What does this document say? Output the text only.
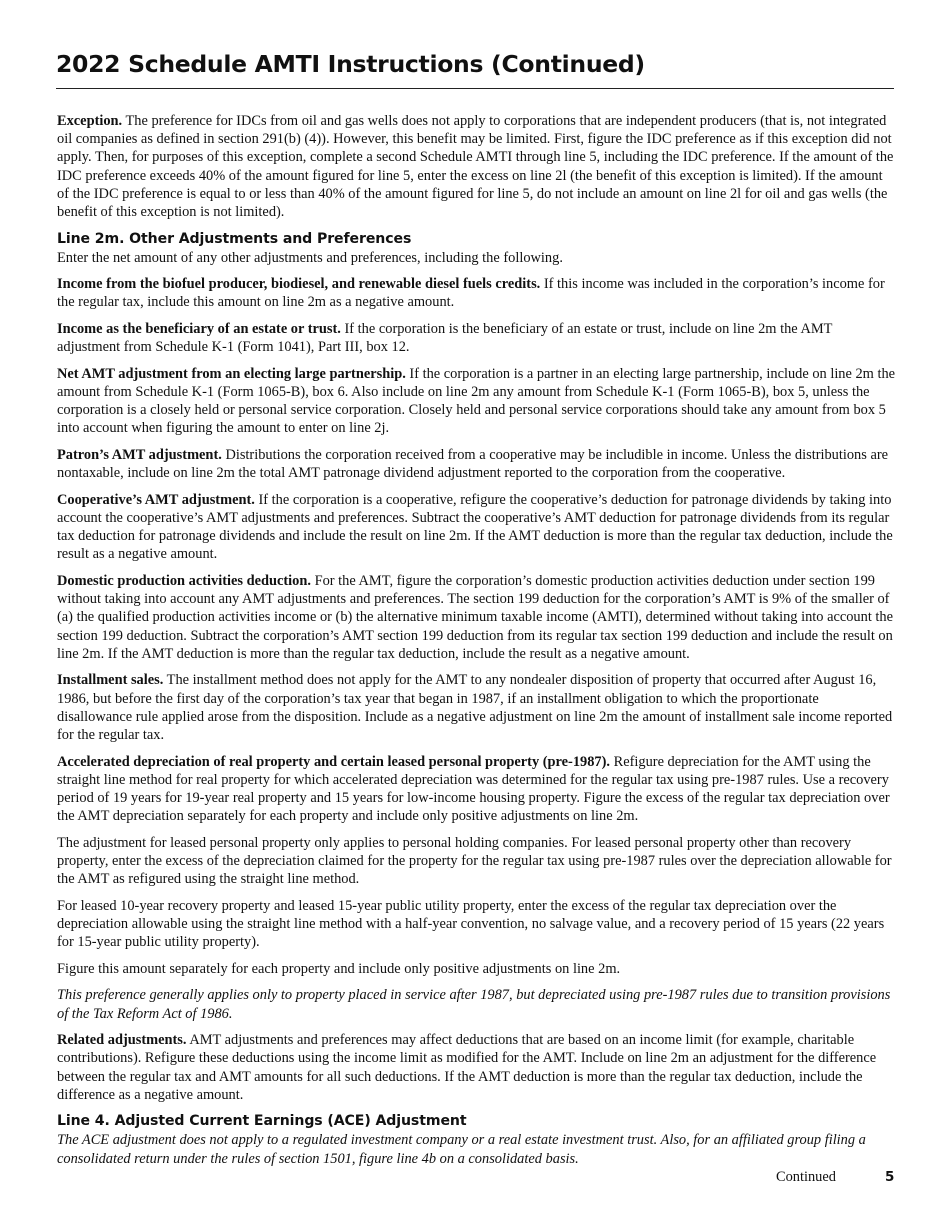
2022 Schedule AMTI Instructions (Continued)

Exception. The preference for IDCs from oil and gas wells does not apply to corporations that are independent producers (that is, not integrated oil companies as defined in section 291(b) (4)). However, this benefit may be limited. First, figure the IDC preference as if this exception did not apply. Then, for purposes of this exception, complete a second Schedule AMTI through line 5, including the IDC preference. If the amount of the IDC preference exceeds 40% of the amount figured for line 5, enter the excess on line 2l (the benefit of this exception is limited). If the amount of the IDC preference is equal to or less than 40% of the amount figured for line 5, do not include an amount on line 2l for oil and gas wells (the benefit of this exception is not limited).

Line 2m. Other Adjustments and Preferences

Enter the net amount of any other adjustments and preferences, including the following.

Income from the biofuel producer, biodiesel, and renewable diesel fuels credits. If this income was included in the corporation’s income for the regular tax, include this amount on line 2m as a negative amount.

Income as the beneficiary of an estate or trust. If the corporation is the beneficiary of an estate or trust, include on line 2m the AMT adjustment from Schedule K-1 (Form 1041), Part III, box 12.

Net AMT adjustment from an electing large partnership. If the corporation is a partner in an electing large partnership, include on line 2m the amount from Schedule K-1 (Form 1065-B), box 6. Also include on line 2m any amount from Schedule K-1 (Form 1065-B), box 5, unless the corporation is a closely held or personal service corporation. Closely held and personal service corporations should take any amount from box 5 into account when figuring the amount to enter on line 2j.

Patron’s AMT adjustment. Distributions the corporation received from a cooperative may be includible in income. Unless the distributions are nontaxable, include on line 2m the total AMT patronage dividend adjustment reported to the corporation from the cooperative.

Cooperative’s AMT adjustment. If the corporation is a cooperative, refigure the cooperative’s deduction for patronage dividends by taking into account the cooperative’s AMT adjustments and preferences. Subtract the cooperative’s AMT deduction for patronage dividends from its regular tax deduction for patronage dividends and include the result on line 2m. If the AMT deduction is more than the regular tax deduction, include the result as a negative amount.

Domestic production activities deduction. For the AMT, figure the corporation’s domestic production activities deduction under section 199 without taking into account any AMT adjustments and preferences. The section 199 deduction for the corporation’s AMT is 9% of the smaller of (a) the qualified production activities income or (b) the alternative minimum taxable income (AMTI), determined without taking into account the section 199 deduction. Subtract the corporation’s AMT section 199 deduction from its regular tax section 199 deduction and include the result on line 2m. If the AMT deduction is more than the regular tax deduction, include the result as a negative amount.

Installment sales. The installment method does not apply for the AMT to any nondealer disposition of property that occurred after August 16, 1986, but before the first day of the corporation’s tax year that began in 1987, if an installment obligation to which the proportionate disallowance rule applied arose from the disposition. Include as a negative adjustment on line 2m the amount of installment sale income reported for the regular tax.

Accelerated depreciation of real property and certain leased personal property (pre-1987). Refigure depreciation for the AMT using the straight line method for real property for which accelerated depreciation was determined for the regular tax using pre-1987 rules. Use a recovery period of 19 years for 19-year real property and 15 years for low-income housing property. Figure the excess of the regular tax depreciation over the AMT depreciation separately for each property and include only positive adjustments on line 2m.

The adjustment for leased personal property only applies to personal holding companies. For leased personal property other than recovery property, enter the excess of the depreciation claimed for the property for the regular tax using pre-1987 rules over the depreciation allowable for the AMT as refigured using the straight line method.

For leased 10-year recovery property and leased 15-year public utility property, enter the excess of the regular tax depreciation over the depreciation allowable using the straight line method with a half-year convention, no salvage value, and a recovery period of 15 years (22 years for 15-year public utility property).

Figure this amount separately for each property and include only positive adjustments on line 2m.

This preference generally applies only to property placed in service after 1987, but depreciated using pre-1987 rules due to transition provisions of the Tax Reform Act of 1986.

Related adjustments. AMT adjustments and preferences may affect deductions that are based on an income limit (for example, charitable contributions). Refigure these deductions using the income limit as modified for the AMT. Include on line 2m an adjustment for the difference between the regular tax and AMT amounts for all such deductions. If the AMT deduction is more than the regular tax deduction, include the difference as a negative amount.

Line 4. Adjusted Current Earnings (ACE) Adjustment

The ACE adjustment does not apply to a regulated investment company or a real estate investment trust. Also, for an affiliated group filing a consolidated return under the rules of section 1501, figure line 4b on a consolidated basis.

Continued	5
